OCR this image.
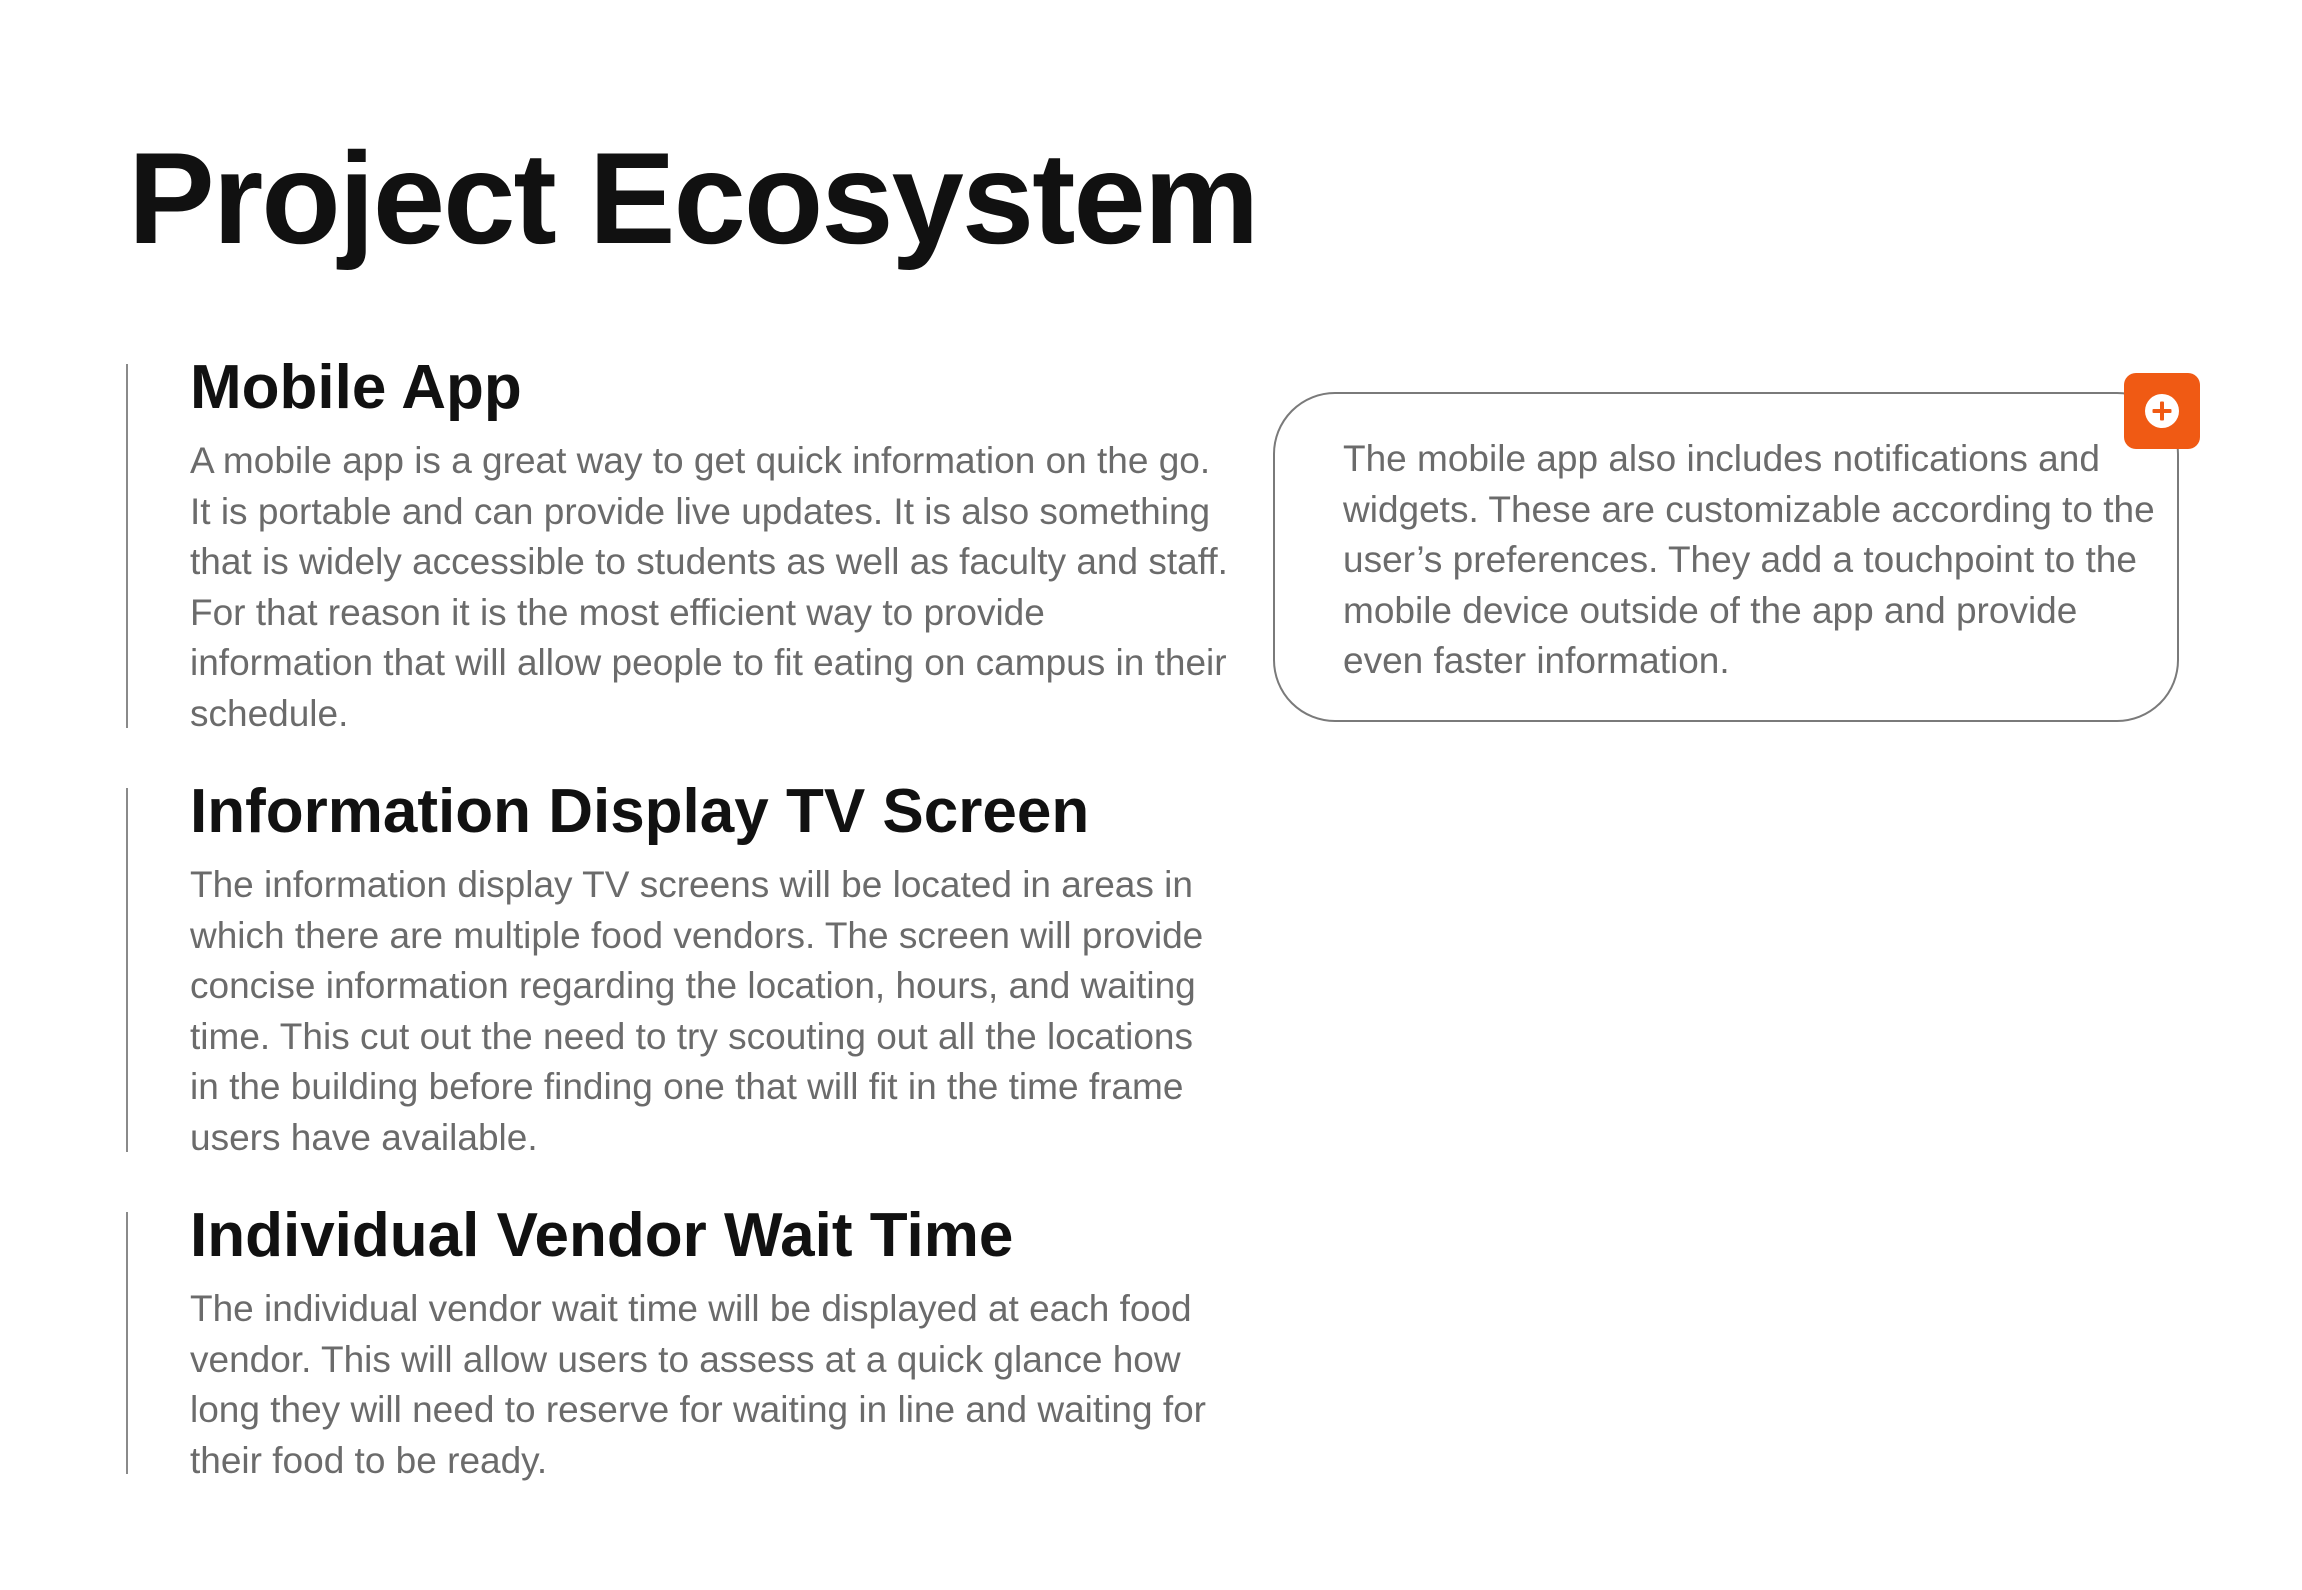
Project Ecosystem
Mobile App

A mobile app is a great way to get quick information on the go. It is portable and can provide live updates. It is also something that is widely accessible to students as well as faculty and staff. For that reason it is the most efficient way to provide information that will allow people to fit eating on campus in their schedule.

Information Display TV Screen

The information display TV screens will be located in areas in which there are multiple food vendors. The screen will provide concise information regarding the location, hours, and waiting time. This cut out the need to try scouting out all the locations in the building before finding one that will fit in the time frame users have available.

Individual Vendor Wait Time

The individual vendor wait time will be displayed at each food vendor. This will allow users to assess at a quick glance how long they will need to reserve for waiting in line and waiting for their food to be ready.

The mobile app also includes notifications and widgets. These are customizable according to the user’s preferences. They add a touchpoint to the mobile device outside of the app and provide even faster information.
